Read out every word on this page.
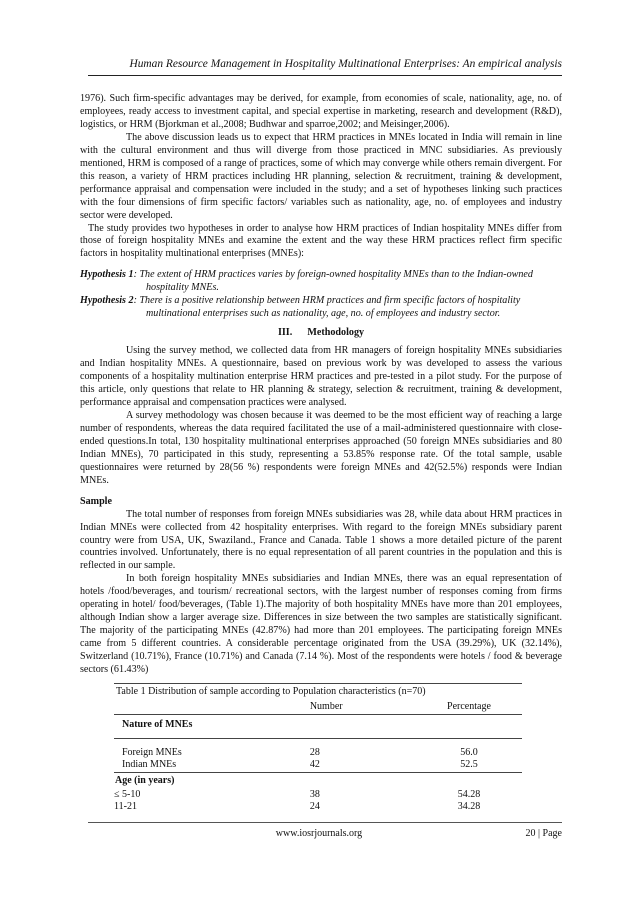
Human Resource Management in Hospitality Multinational Enterprises: An empirical analysis

1976). Such firm-specific advantages may be derived, for example, from economies of scale, nationality, age, no. of employees, ready access to investment capital, and special expertise in marketing, research and development (R&D), logistics, or HRM (Bjorkman et al.,2008; Budhwar and sparroe,2002; and Meisinger,2006).

The above discussion leads us to expect that HRM practices in MNEs located in India will remain in line with the cultural environment and thus will diverge from those practiced in MNC subsidiaries. As previously mentioned, HRM is composed of a range of practices, some of which may converge while others remain divergent. For this reason, a variety of HRM practices including HR planning, selection & recruitment, training & development, performance appraisal and compensation were included in the study; and a set of hypotheses linking such practices with the four dimensions of firm specific factors/ variables such as nationality, age, no. of employees and industry sector were developed.

The study provides two hypotheses in order to analyse how HRM practices of Indian hospitality MNEs differ from those of foreign hospitality MNEs and examine the extent and the way these HRM practices reflect firm specific factors in hospitality multinational enterprises (MNEs):

Hypothesis 1: The extent of HRM practices varies by foreign-owned hospitality MNEs than to the Indian-owned
hospitality MNEs.

Hypothesis 2: There is a positive relationship between HRM practices and firm specific factors of hospitality
multinational enterprises such as nationality, age, no. of employees and industry sector.

III. Methodology

Using the survey method, we collected data from HR managers of foreign hospitality MNEs subsidiaries and Indian hospitality MNEs. A questionnaire, based on previous work by was developed to assess the various components of a hospitality multination enterprise HRM practices and pre-tested in a pilot study. For the purpose of this article, only questions that relate to HR planning & strategy, selection & recruitment, training & development, performance appraisal and compensation practices were analysed.

A survey methodology was chosen because it was deemed to be the most efficient way of reaching a large number of respondents, whereas the data required facilitated the use of a mail-administered questionnaire with close-ended questions.In total, 130 hospitality multinational enterprises approached (50 foreign MNEs subsidiaries and 80 Indian MNEs), 70 participated in this study, representing a 53.85% response rate. Of the total sample, usable questionnaires were returned by 28(56 %) respondents were foreign MNEs and 42(52.5%) responds were Indian MNEs.

Sample

The total number of responses from foreign MNEs subsidiaries was 28, while data about HRM practices in Indian MNEs were collected from 42 hospitality enterprises. With regard to the foreign MNEs subsidiary parent country were from USA, UK, Swaziland., France and Canada. Table 1 shows a more detailed picture of the parent countries involved. Unfortunately, there is no equal representation of all parent countries in the population and this is reflected in our sample.

In both foreign hospitality MNEs subsidiaries and Indian MNEs, there was an equal representation of hotels /food/beverages, and tourism/ recreational sectors, with the largest number of responses coming from firms operating in hotel/ food/beverages, (Table 1).The majority of both hospitality MNEs have more than 201 employees, although Indian show a larger average size. Differences in size between the two samples are statistically significant. The majority of the participating MNEs (42.87%) had more than 201 employees. The participating foreign MNEs came from 5 different countries. A considerable percentage originated from the USA (39.29%), UK (32.14%), Switzerland (10.71%), France (10.71%) and Canada (7.14 %). Most of the respondents were hotels / food & beverage sectors (61.43%)

Table 1 Distribution of sample according to Population characteristics (n=70)		
	Number	Percentage
Nature of MNEs		

Foreign MNEs	28	56.0
Indian MNEs	42	52.5
Age (in years)		
≤ 5-10	38	54.28
11-21	24	34.28
www.iosrjournals.org	20 | Page
